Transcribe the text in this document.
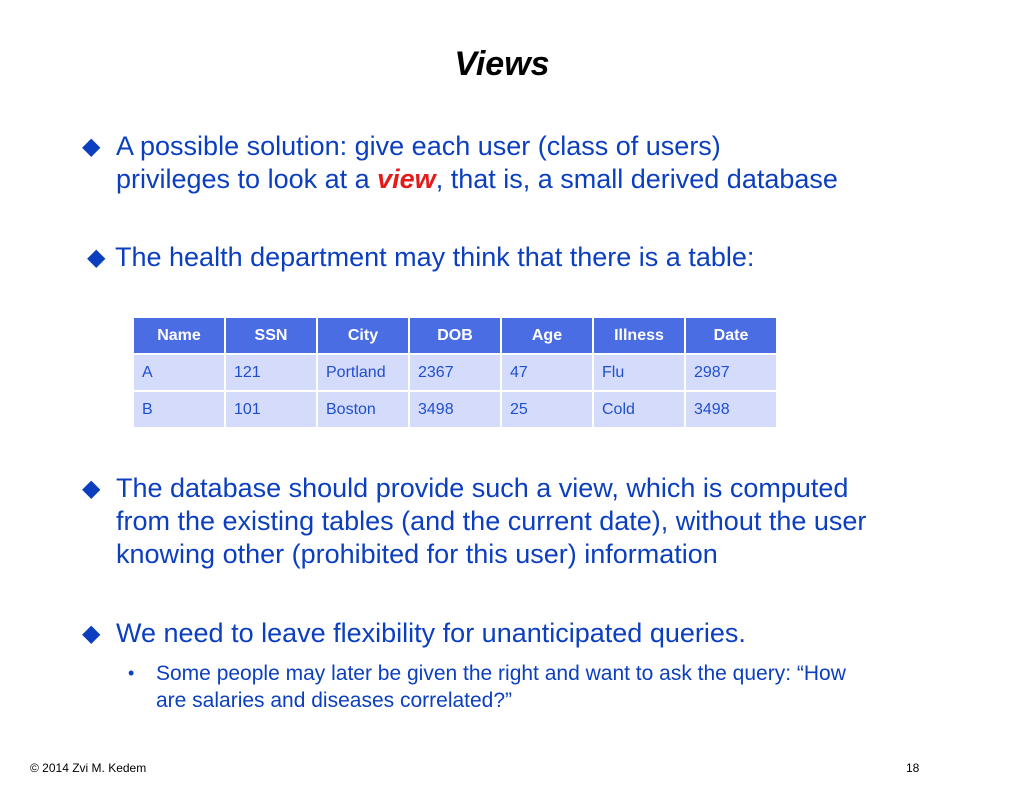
Views
◆ A possible solution: give each user (class of users) privileges to look at a view, that is, a small derived database
◆ The health department may think that there is a table:
Name	SSN	City	DOB	Age	Illness	Date
A	121	Portland	2367	47	Flu	2987
B	101	Boston	3498	25	Cold	3498
◆ The database should provide such a view, which is computed from the existing tables (and the current date), without the user knowing other (prohibited for this user) information
◆ We need to leave flexibility for unanticipated queries.
•	Some people may later be given the right and want to ask the query: “How are salaries and diseases correlated?”
© 2014 Zvi M. Kedem	18
